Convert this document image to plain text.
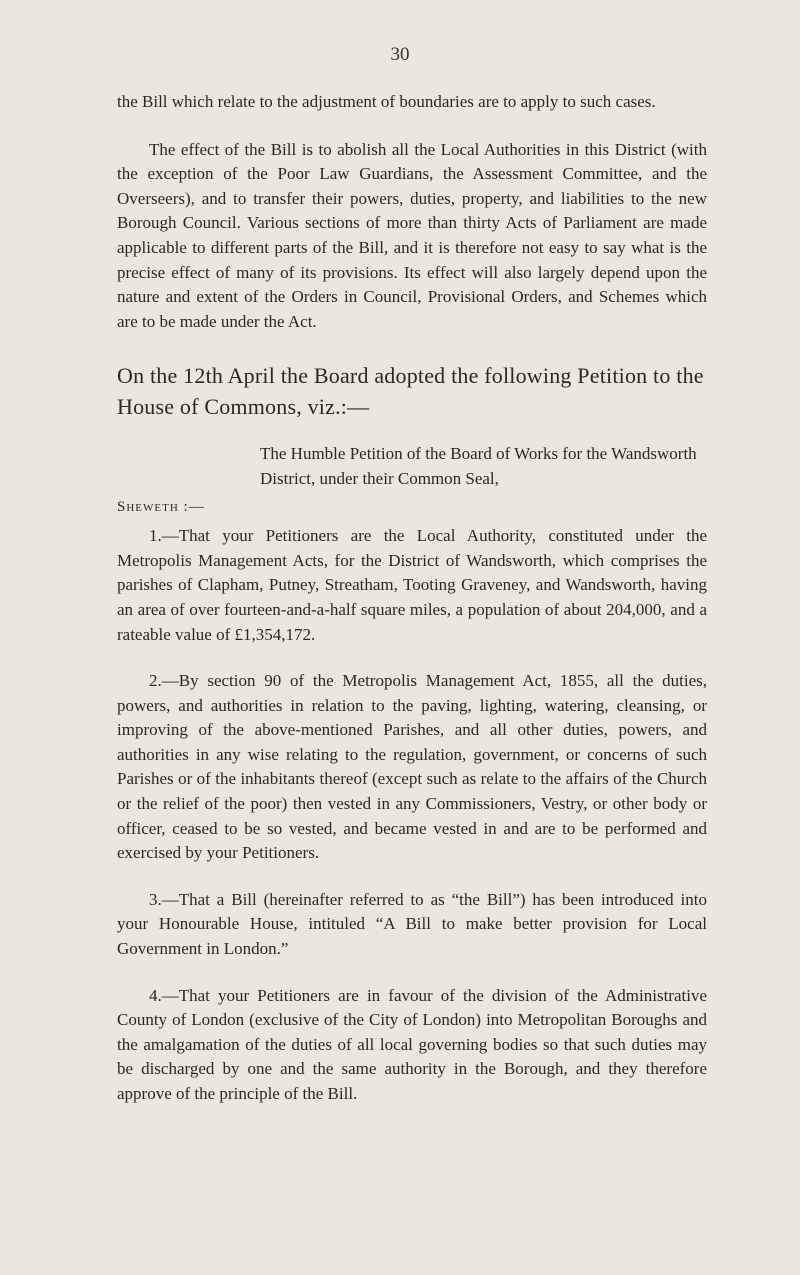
30

the Bill which relate to the adjustment of boundaries are to apply to such cases.

The effect of the Bill is to abolish all the Local Authorities in this District (with the exception of the Poor Law Guardians, the Assessment Committee, and the Overseers), and to transfer their powers, duties, property, and liabilities to the new Borough Council. Various sections of more than thirty Acts of Parliament are made applicable to different parts of the Bill, and it is therefore not easy to say what is the precise effect of many of its provisions. Its effect will also largely depend upon the nature and extent of the Orders in Council, Provisional Orders, and Schemes which are to be made under the Act.

On the 12th April the Board adopted the following Petition to the House of Commons, viz.:—

The Humble Petition of the Board of Works for the Wandsworth District, under their Common Seal,

Sheweth :—

1.—That your Petitioners are the Local Authority, constituted under the Metropolis Management Acts, for the District of Wandsworth, which comprises the parishes of Clapham, Putney, Streatham, Tooting Graveney, and Wandsworth, having an area of over fourteen-and-a-half square miles, a population of about 204,000, and a rateable value of £1,354,172.

2.—By section 90 of the Metropolis Management Act, 1855, all the duties, powers, and authorities in relation to the paving, lighting, watering, cleansing, or improving of the above-mentioned Parishes, and all other duties, powers, and authorities in any wise relating to the regulation, government, or concerns of such Parishes or of the inhabitants thereof (except such as relate to the affairs of the Church or the relief of the poor) then vested in any Commissioners, Vestry, or other body or officer, ceased to be so vested, and became vested in and are to be performed and exercised by your Petitioners.

3.—That a Bill (hereinafter referred to as “the Bill”) has been introduced into your Honourable House, intituled “A Bill to make better provision for Local Government in London.”

4.—That your Petitioners are in favour of the division of the Administrative County of London (exclusive of the City of London) into Metropolitan Boroughs and the amalgamation of the duties of all local governing bodies so that such duties may be discharged by one and the same authority in the Borough, and they therefore approve of the principle of the Bill.
